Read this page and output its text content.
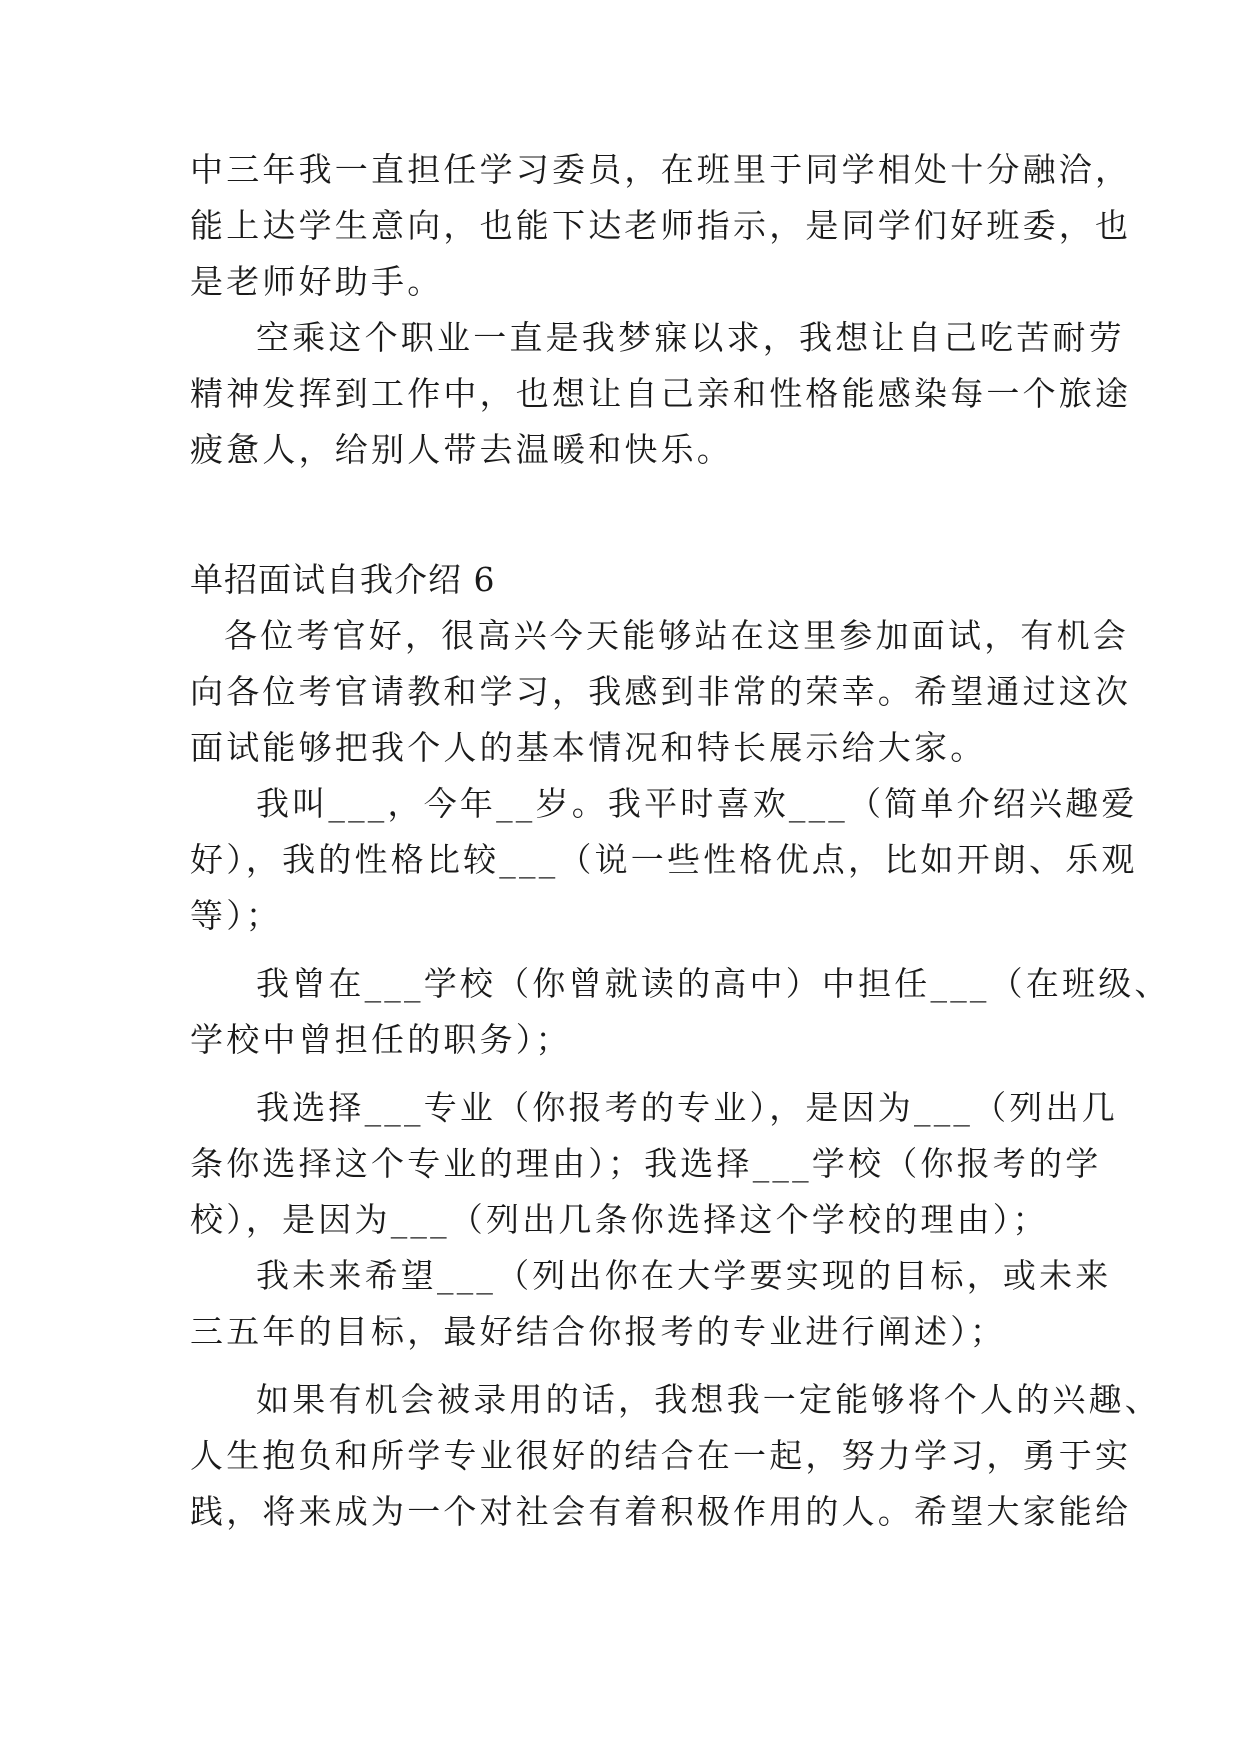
中三年我一直担任学习委员，在班里于同学相处十分融洽，
能上达学生意向，也能下达老师指示，是同学们好班委，也
是老师好助手。
空乘这个职业一直是我梦寐以求，我想让自己吃苦耐劳
精神发挥到工作中，也想让自己亲和性格能感染每一个旅途
疲惫人，给别人带去温暖和快乐。
单招面试自我介绍 6
各位考官好，很高兴今天能够站在这里参加面试，有机会
向各位考官请教和学习，我感到非常的荣幸。希望通过这次
面试能够把我个人的基本情况和特长展示给大家。
我叫___，今年__岁。我平时喜欢___（简单介绍兴趣爱
好），我的性格比较___（说一些性格优点，比如开朗、乐观
等）；
我曾在___学校（你曾就读的高中）中担任___（在班级、
学校中曾担任的职务）；
我选择___专业（你报考的专业），是因为___（列出几
条你选择这个专业的理由）；我选择___学校（你报考的学
校），是因为___（列出几条你选择这个学校的理由）；
我未来希望___（列出你在大学要实现的目标，或未来
三五年的目标，最好结合你报考的专业进行阐述）；
如果有机会被录用的话，我想我一定能够将个人的兴趣、
人生抱负和所学专业很好的结合在一起，努力学习，勇于实
践，将来成为一个对社会有着积极作用的人。希望大家能给
